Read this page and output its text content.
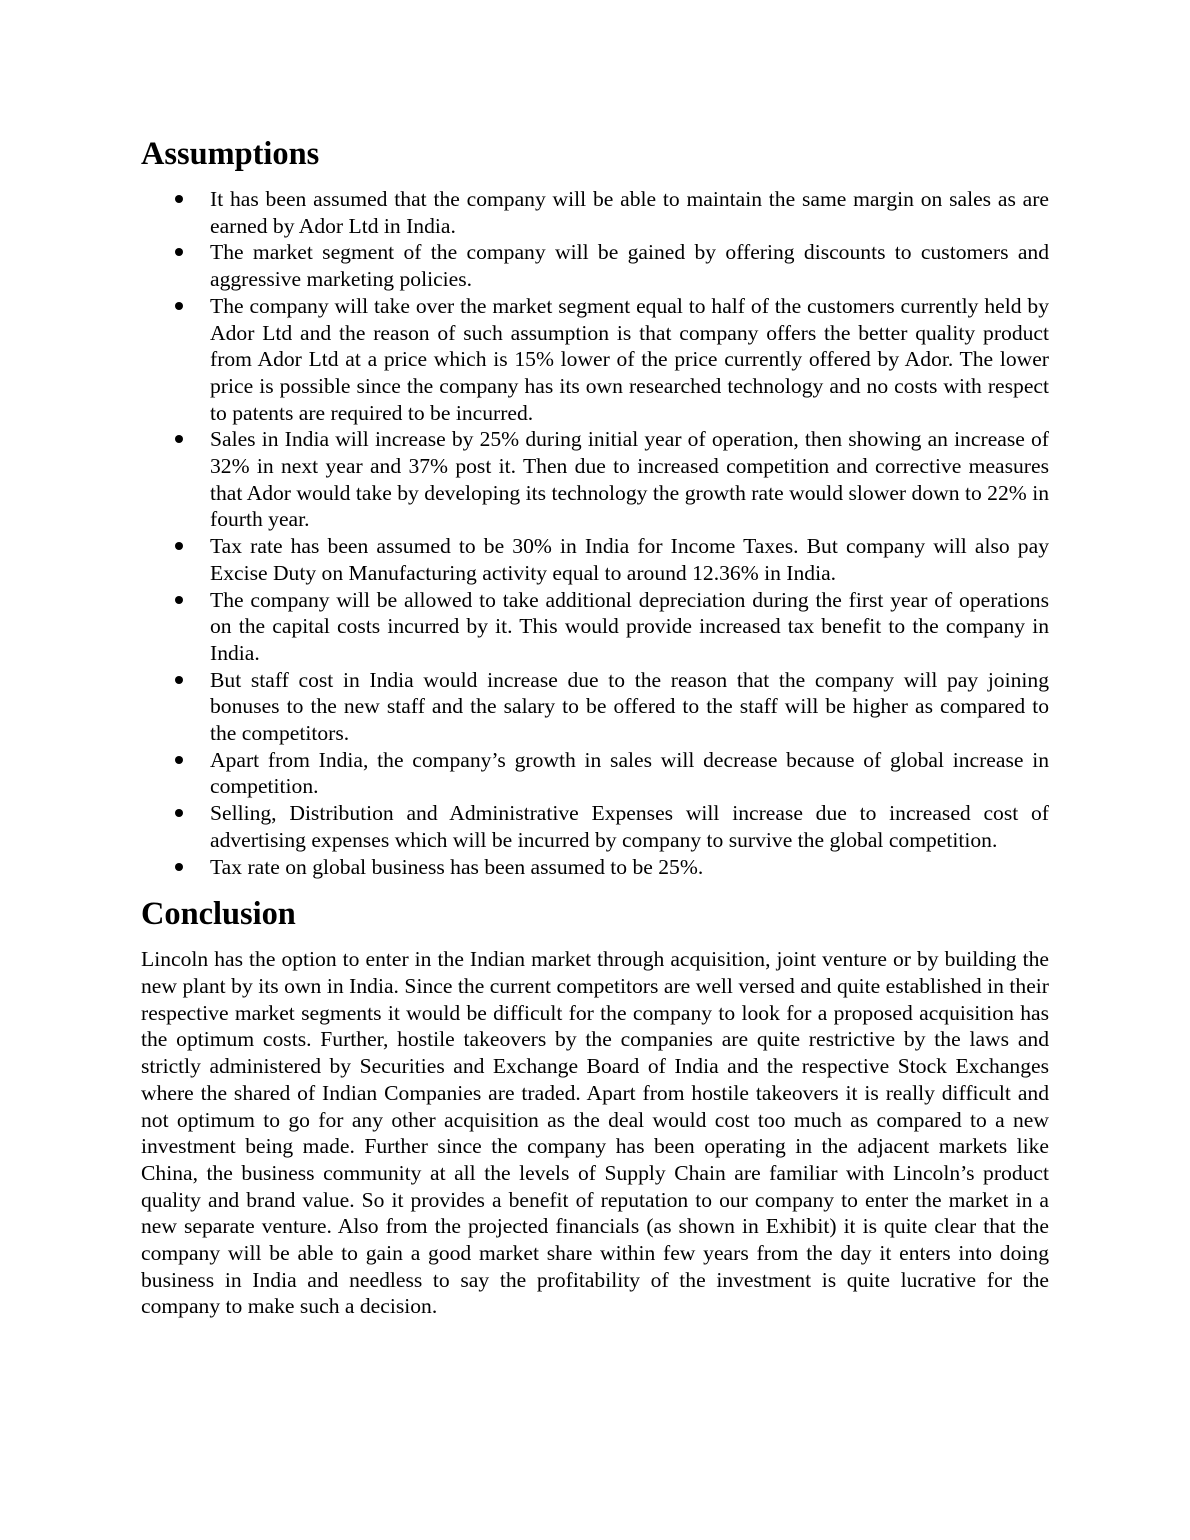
Assumptions
It has been assumed that the company will be able to maintain the same margin on sales as are earned by Ador Ltd in India.
The market segment of the company will be gained by offering discounts to customers and aggressive marketing policies.
The company will take over the market segment equal to half of the customers currently held by Ador Ltd and the reason of such assumption is that company offers the better quality product from Ador Ltd at a price which is 15% lower of the price currently offered by Ador. The lower price is possible since the company has its own researched technology and no costs with respect to patents are required to be incurred.
Sales in India will increase by 25% during initial year of operation, then showing an increase of 32% in next year and 37% post it. Then due to increased competition and corrective measures that Ador would take by developing its technology the growth rate would slower down to 22% in fourth year.
Tax rate has been assumed to be 30% in India for Income Taxes. But company will also pay Excise Duty on Manufacturing activity equal to around 12.36% in India.
The company will be allowed to take additional depreciation during the first year of operations on the capital costs incurred by it. This would provide increased tax benefit to the company in India.
But staff cost in India would increase due to the reason that the company will pay joining bonuses to the new staff and the salary to be offered to the staff will be higher as compared to the competitors.
Apart from India, the company’s growth in sales will decrease because of global increase in competition.
Selling, Distribution and Administrative Expenses will increase due to increased cost of advertising expenses which will be incurred by company to survive the global competition.
Tax rate on global business has been assumed to be 25%.
Conclusion

Lincoln has the option to enter in the Indian market through acquisition, joint venture or by building the new plant by its own in India. Since the current competitors are well versed and quite established in their respective market segments it would be difficult for the company to look for a proposed acquisition has the optimum costs. Further, hostile takeovers by the companies are quite restrictive by the laws and strictly administered by Securities and Exchange Board of India and the respective Stock Exchanges where the shared of Indian Companies are traded. Apart from hostile takeovers it is really difficult and not optimum to go for any other acquisition as the deal would cost too much as compared to a new investment being made. Further since the company has been operating in the adjacent markets like China, the business community at all the levels of Supply Chain are familiar with Lincoln’s product quality and brand value. So it provides a benefit of reputation to our company to enter the market in a new separate venture. Also from the projected financials (as shown in Exhibit) it is quite clear that the company will be able to gain a good market share within few years from the day it enters into doing business in India and needless to say the profitability of the investment is quite lucrative for the company to make such a decision.
